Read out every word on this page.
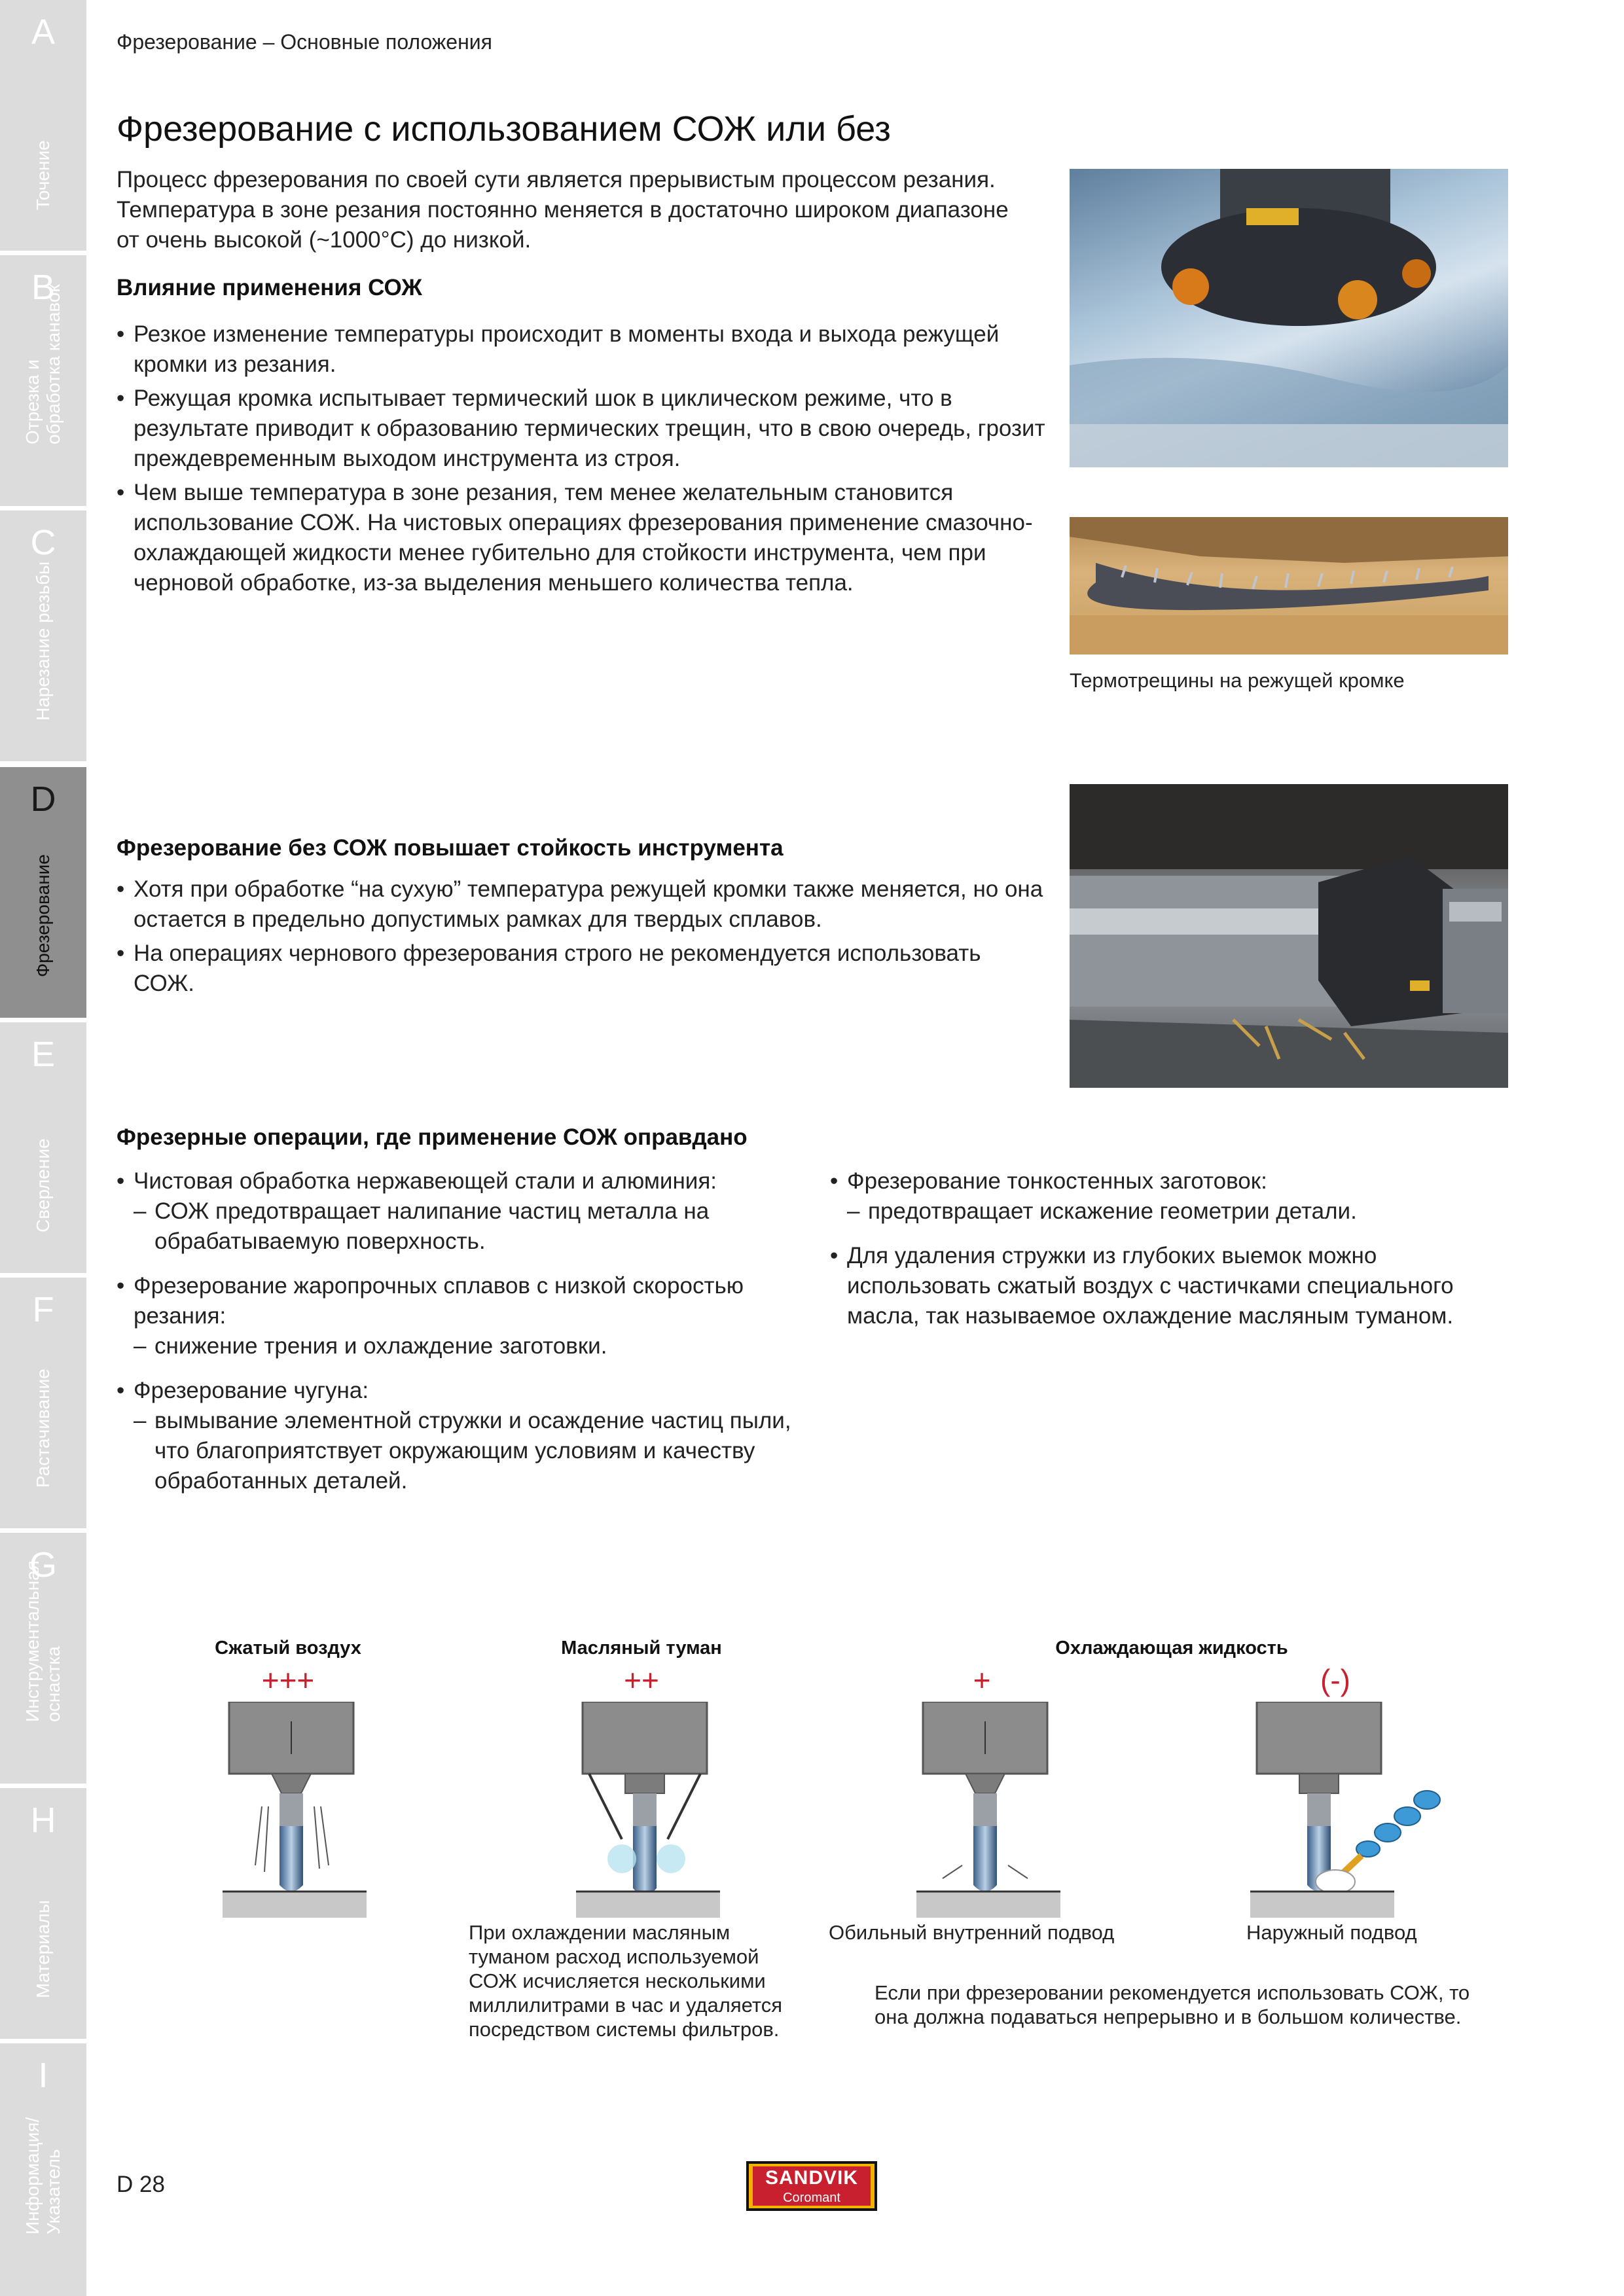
A
Точение
B
Отрезка и
обработка канавок
C
Нарезание резьбы
D
Фрезерование
E
Сверление
F
Растачивание
G
Инструментальная
оснастка
H
Материалы
I
Информация/
Указатель
Фрезерование – Основные положения
Фрезерование с использованием СОЖ или без
Процесс фрезерования по своей сути является прерывистым процессом резания. Температура в зоне резания постоянно меняется в достаточно широком диапазоне от очень высокой (~1000°C) до низкой.
Влияние применения СОЖ
• Резкое изменение температуры происходит в моменты входа и выхода режущей кромки из резания.
• Режущая кромка испытывает термический шок в циклическом режиме, что в результате приводит к образованию термических трещин, что в свою очередь, грозит преждевременным выходом инструмента из строя.
• Чем выше температура в зоне резания, тем менее желательным становится использование СОЖ. На чистовых операциях фрезерования применение смазочно-охлаждающей жидкости менее губительно для стойкости инструмента, чем при черновой обработке, из-за выделения меньшего количества тепла.
Термотрещины на режущей кромке
Фрезерование без СОЖ повышает стойкость инструмента
• Хотя при обработке “на сухую” температура режущей кромки также меняется, но она остается в предельно допустимых рамках для твердых сплавов.
• На операциях чернового фрезерования строго не рекомендуется использовать СОЖ.
Фрезерные операции, где применение СОЖ оправдано
• Чистовая обработка нержавеющей стали и алюминия:
– СОЖ предотвращает налипание частиц металла на обрабатываемую поверхность.
• Фрезерование жаропрочных сплавов с низкой скоростью резания:
– снижение трения и охлаждение заготовки.
• Фрезерование чугуна:
– вымывание элементной стружки и осаждение частиц пыли, что благоприятствует окружающим условиям и качеству обработанных деталей.
• Фрезерование тонкостенных заготовок:
– предотвращает искажение геометрии детали.
• Для удаления стружки из глубоких выемок можно использовать сжатый воздух с частичками специального масла, так называемое охлаждение масляным туманом.
Сжатый воздух	Масляный туман	Охлаждающая жидкость
+++	++	+	(-)
При охлаждении масляным туманом расход используемой СОЖ исчисляется несколькими миллилитрами в час и удаляется посредством системы фильтров.
Обильный внутренний подвод	Наружный подвод
Если при фрезеровании рекомендуется использовать СОЖ, то она должна подаваться непрерывно и в большом количестве.
D 28	SANDVIK
Coromant
